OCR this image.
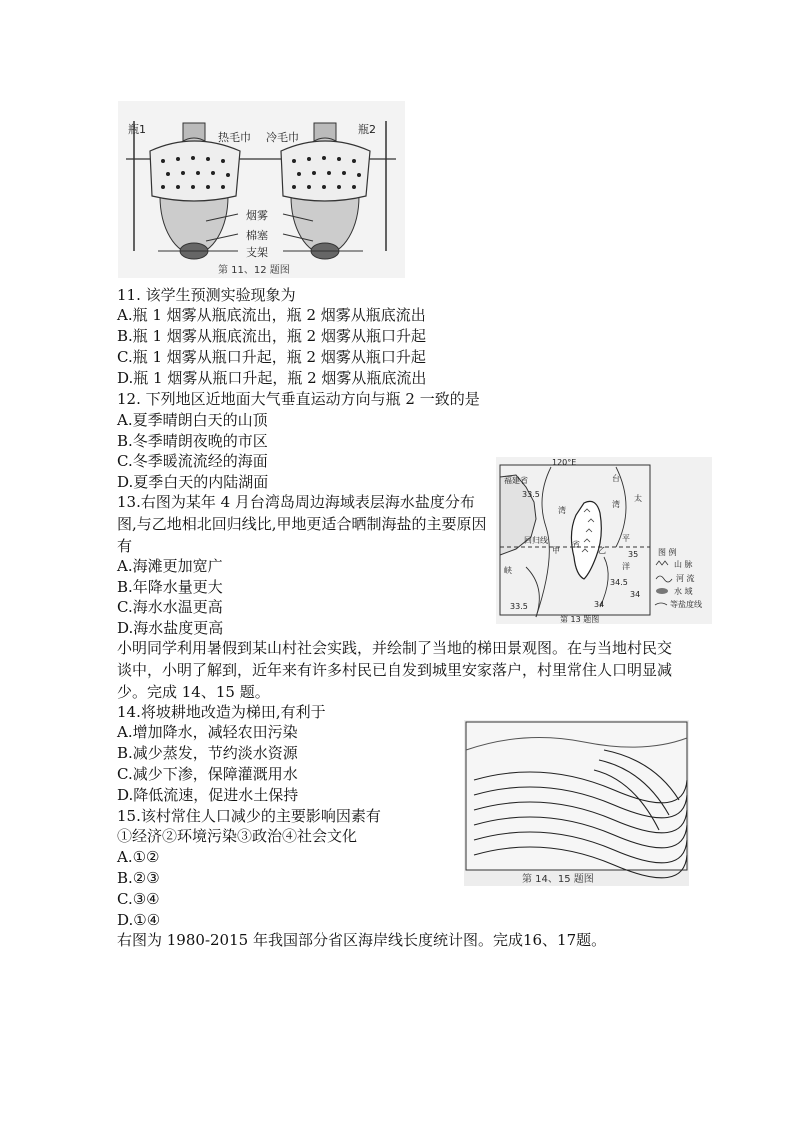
瓶1	瓶2
热毛巾 冷毛巾
烟雾
棉塞
支架
第 11、12 题图
11. 该学生预测实验现象为
A.瓶 1 烟雾从瓶底流出，瓶 2 烟雾从瓶底流出
B.瓶 1 烟雾从瓶底流出，瓶 2 烟雾从瓶口升起
C.瓶 1 烟雾从瓶口升起，瓶 2 烟雾从瓶口升起
D.瓶 1 烟雾从瓶口升起，瓶 2 烟雾从瓶底流出
12. 下列地区近地面大气垂直运动方向与瓶 2 一致的是
A.夏季晴朗白天的山顶
B.冬季晴朗夜晚的市区
C.冬季暖流流经的海面
D.夏季白天的内陆湖面
120°E
福建省	台
太
湾
湾
省
平
洋
峡
甲	乙
回归线
33.5
34
34.5
35
34
33.5
图 例
山 脉
河 流
水 域
等盐度线
第 13 题图
13.右图为某年 4 月台湾岛周边海域表层海水盐度分布图,与乙地相北回归线比,甲地更适合晒制海盐的主要原因有
A.海滩更加宽广
B.年降水量更大
C.海水水温更高
D.海水盐度更高
小明同学利用暑假到某山村社会实践，并绘制了当地的梯田景观图。在与当地村民交谈中，小明了解到，近年来有许多村民已自发到城里安家落户，村里常住人口明显减少。完成 14、15 题。
14.将坡耕地改造为梯田,有利于
A.增加降水，减轻农田污染
B.减少蒸发，节约淡水资源
C.减少下渗，保障灌溉用水
D.降低流速，促进水土保持
第 14、15 题图
15.该村常住人口减少的主要影响因素有
①经济②环境污染③政治④社会文化
A.①②
B.②③
C.③④
D.①④
右图为 1980-2015 年我国部分省区海岸线长度统计图。完成16、17题。
